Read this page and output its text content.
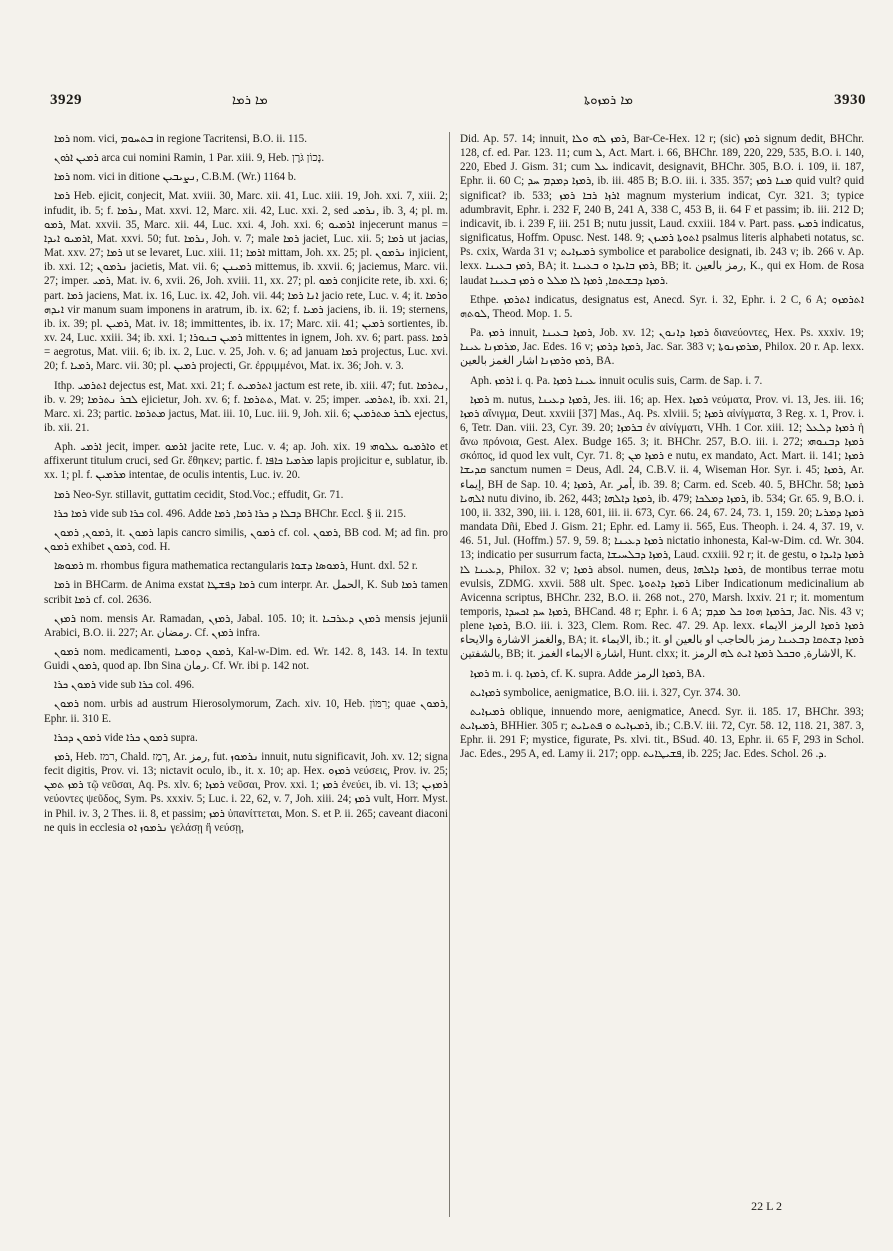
3929	ܡܐ ܪܡܐ	ܡܐ ܪܡܙܘܬܐ	3930

ܪܡܐ nom. vici, ܒܬܚܘܡ in regione Tacritensi, B.O. ii. 115.

ܪܡܝܢ ܐܪܘܢ arca cui nomini Ramin, 1 Par. xiii. 9, Heb. נָכוֹן גֹּרֶן.

ܪܡܐ nom. vici in ditione ܢܨܝܒܝܢ, C.B.M. (Wr.) 1164 b.

ܪܡܐ Heb. ejicit, conjecit, Mat. xviii. 30, Marc. xii. 41, Luc. xiii. 19, Joh. xxi. 7, xiii. 2; infudit, ib. 5; f. ܢܪܡܐ, Mat. xxvi. 12, Marc. xii. 42, Luc. xxi. 2, sed ܢܪܡܝ, ib. 3, 4; pl. m. ܪܡܘ, Mat. xxvii. 35, Marc. xii. 44, Luc. xxi. 4, Joh. xxi. 6; ܐܪܡܝܘ injecerunt manus = ܐܪܡܝܘ ܐܝܕܐ, Mat. xxvi. 50; fut. ܢܪܡܐ, Joh. v. 7; male ܪܡܐ jaciet, Luc. xii. 5; ܪܡܐ ut jacias, Mat. xxv. 27; ܪܡܐ ut se levaret, Luc. xiii. 11; ܐܪܡܐ mittam, Joh. xx. 25; pl. ܢܪܡܘܢ injicient, ib. xxi. 12; ܢܪܡܘܢ jacietis, Mat. vii. 6; ܪܡܝܢܢ mittemus, ib. xxvii. 6; jaciemus, Marc. vii. 27; imper. ܪܡܝ, Mat. iv. 6, xvii. 26, Joh. xviii. 11, xx. 27; pl. ܪܡܘ conjicite rete, ib. xxi. 6; part. ܪܡܐ jaciens, Mat. ix. 16, Luc. ix. 42, Joh. vii. 44; ܐܢܐ ܪܡܐ jacio rete, Luc. v. 4; it. ܘܪܡܐ ܐܝܕܗ vir manum suam imponens in aratrum, ib. ix. 62; f. ܪܡܝܐ jaciens, ib. ii. 19; sternens, ib. ix. 39; pl. ܪܡܝܢ, Mat. iv. 18; immittentes, ib. ix. 17; Marc. xii. 41; ܪܡܝܢ sortientes, ib. xv. 24, Luc. xxiii. 34; ib. xxi. 1; ܪܡܝܢ ܒܢܘܪܐ mittentes in ignem, Joh. xv. 6; part. pass. ܪܡܐ = aegrotus, Mat. viii. 6; ib. ix. 2, Luc. v. 25, Joh. v. 6; ad januam ܪܡܐ projectus, Luc. xvi. 20; f. ܪܡܝܐ, Marc. vii. 30; pl. ܪܡܝܢ projecti, Gr. ἐρριμμένοι, Mat. ix. 36; Joh. v. 3.

Ithp. ܐܬܪܡܝ dejectus est, Mat. xxi. 21; f. ܐܬܪܡܝܬ jactum est rete, ib. xiii. 47; fut. ܢܬܪܡܐ, ib. v. 29; ܠܒܪ ܢܬܪܡܐ ejicietur, Joh. xv. 6; f. ܬܬܪܡܐ, Mat. v. 25; imper. ܐܬܪܡܝ, ib. xxi. 21, Marc. xi. 23; partic. ܡܬܪܡܐ jactus, Mat. iii. 10, Luc. iii. 9, Joh. xii. 6; ܠܒܪ ܡܬܪܡܝܢ ejectus, ib. xii. 21.

Aph. ܐܪܡܝ jecit, imper. ܐܪܡܘ jacite rete, Luc. v. 4; ap. Joh. xix. 19 ܘܐܪܡܝܘ ܥܠܘܗܝ et affixerunt titulum cruci, sed Gr. ἔθηκεν; partic. f. ܡܪܡܝܐ ܟܐܦܐ lapis projicitur e, sublatur, ib. xx. 1; pl. f. ܡܪܡܝܢ intentae, de oculis intentis, Luc. iv. 20.

ܪܡܐ Neo-Syr. stillavit, guttatim cecidit, Stod.Voc.; effudit, Gr. 71.

ܪܡܐ ܟܪܐ vide sub ܟܪܐ col. 496. Adde ܕܒܠܐ ܕ ܟܪܐ ܪܡܐ, ܪܡܐ BHChr. Eccl. § ii. 215.

ܪܡܘܢ, ܪܡܘܢ, it. ܪܡܘܢ lapis cancro similis, ܪܡܘܢ cf. col. ܪܡܘܢ, BB cod. M; ad fin. pro ܪܡܘܢ exhibet ܪܡܘܢ, cod. H.

ܪܡܘܣܐ m. rhombus figura mathematica rectangularis ܪܡܘܣܐ ܕܫܘܐ, Hunt. dxl. 52 r.

ܪܡܐ in BHCarm. de Anima exstat ܪܡܐ ܕܦܫܛܐ cum interpr. Ar. الحمل, K. Sub ܪܡܐ tamen scribit ܪܡܐ cf. col. 2636.

ܪܡܙܢ nom. mensis Ar. Ramadan, ܪܡܙܢ, Jabal. 105. 10; it. ܪܡܙܢ ܕܥܪܒܝܐ mensis jejunii Arabici, B.O. ii. 227; Ar. رمضان. Cf. ܪܡܙܢ infra.

ܪܡܘܢ nom. medicamenti, ܪܡܘܢ ܕܘܡܝܐ, Kal-w-Dim. ed. Wr. 142. 8, 143. 14. In textu Guidi ܪܡܘܢ, quod ap. Ibn Sina رمان. Cf. Wr. ibi p. 142 not.

ܪܡܘܢ ܟܪܐ vide sub ܟܪܐ col. 496.

ܪܡܘܢ nom. urbis ad austrum Hierosolymorum, Zach. xiv. 10, Heb. רִמּוֹן; quae ܪܡܘܢ, Ephr. ii. 310 E.

ܪܡܘܢ ܕܟܪܐ vide ܪܡܘܢ ܟܪܐ supra.

ܪܡܙ, Heb. רמז, Chald. רְמַז, Ar. رمز, fut. ܢܪܡܘܙ innuit, nutu significavit, Joh. xv. 12; signa fecit digitis, Prov. vi. 13; nictavit oculo, ib., it. x. 10; ap. Hex. ܪܡܙܘ νεύσεις, Prov. iv. 25; ܪܡܙ ܬܡܢ τῷ νεῦσαι, Aq. Ps. xlv. 6; ܪܡܙܐ νεῦσαι, Prov. xxi. 1; ܪܡܙ ἐνεύει, ib. vi. 13; ܪܡܙܝܢ νεύοντες ψεῦδος, Sym. Ps. xxxiv. 5; Luc. i. 22, 62, v. 7, Joh. xiii. 24; ܪܡܙ vult, Horr. Myst. in Phil. iv. 3, 2 Thes. ii. 8, et passim; ܪܡܙ ὑπανίττεται, Mon. S. et P. ii. 265; caveant diaconi ne quis in ecclesia ܢܪܡܘܙ ܐܘ γελάσῃ ἢ νεύσῃ,

Did. Ap. 57. 14; innuit, ܪܡܙ ܠܗ ܘܠܐ, Bar-Ce-Hex. 12 r; (sic) ܪܡܙ signum dedit, BHChr. 128, cf. ed. Par. 123. 11; cum ܠ, Act. Mart. i. 66, BHChr. 189, 220, 229, 535, B.O. i. 140, 220, Ebed J. Gism. 31; cum ܥܠ indicavit, designavit, BHChr. 305, B.O. i. 109, ii. 187, Ephr. ii. 60 C; ܪܡܙܐ ܕܡܕܡ ܚܕ, ib. iii. 485 B; B.O. iii. i. 335. 357; ܡܢܐ ܪܡܙ quid vult? quid significat? ib. 533; ܐܪܙܐ ܪܒܐ ܪܡܙ magnum mysterium indicat, Cyr. 321. 3; typice adumbravit, Ephr. i. 232 F, 240 B, 241 A, 338 C, 453 B, ii. 64 F et passim; ib. iii. 212 D; indicavit, ib. i. 239 F, iii. 251 B; nutu jussit, Laud. cxxiii. 184 v. Part. pass. ܪܡܝܙ indicatus, significatus, Hoffm. Opusc. Nest. 148. 9; ܐܬܘܬܐ ܪܡܝܙܢ psalmus literis alphabeti notatus, sc. Ps. cxix, Warda 31 v; ܪܡܝܙܐܝܬ symbolice et parabolice designati, ib. 243 v; ib. 266 v. Ap. lexx. ܪܡܙ ܒܥܝܢܐ, BA; it. ܪܡܙ ܒܐܝܕܐ ܘ ܒܥܝܢܐ, BB; it. رمز بالعين, K., qui ex Hom. de Rosa laudat ܪܡܙܐ ܕܒܫܬܩܐ, ܪܡܙܐ ܠܐ ܡܠܠ ܘ ܪܡܙ ܒܥܝܢܐ.

Ethpe. ܐܬܪܡܙ indicatus, designatus est, Anecd. Syr. i. 32, Ephr. i. 2 C, 6 A; ܐܬܪܡܙܘ ܠܘܬܗ, Theod. Mop. 1. 5.

Pa. ܪܡܙ innuit, ܪܡܙܐ ܒܥܝܢܐ, Job. xv. 12; ܪܡܙܐ ܕܐܢܘܢ διανεύοντες, Hex. Ps. xxxiv. 19; ܡܪܡܙܢܐ ܥܝܢܐ, Jac. Edes. 16 v; ܪܡܙܐ ܕܪܡܙ, Jac. Sar. 383 v; ܡܪܡܙܢܘܬܐ, Philox. 20 r. Ap. lexx. ܪܡܙ ܘܪܡܙܢܐ اشار الغمز بالعين, BA.

Aph. ܐܪܡܙ i. q. Pa. ܥܝܢܐ ܪܡܙܐ innuit oculis suis, Carm. de Sap. i. 7.

ܪܡܙܐ m. nutus, ܪܡܙܐ ܕܥܝܢܐ, Jes. iii. 16; ap. Hex. ܪܡܙܐ νεύματα, Prov. vi. 13, Jes. iii. 16; ܪܡܙܐ αἴνιγμα, Deut. xxviii [37] Mas., Aq. Ps. xlviii. 5; ܪܡܙܐ αἰνίγματα, 3 Reg. x. 1, Prov. i. 6, Tetr. Dan. viii. 23, Cyr. 39. 20; ܒܪܡܙܐ ἐν αἰνίγματι, VHh. 1 Cor. xiii. 12; ܪܡܙܐ ܕܠܥܠ ἡ ἄνω πρόνοια, Gest. Alex. Budge 165. 3; it. BHChr. 257, B.O. iii. i. 272; ܪܡܙܐ ܕܒܢܘܗܝ σκόπος, id quod lex vult, Cyr. 71. 8; ܪܡܙܐ ܡܢ e nutu, ex mandato, Act. Mart. ii. 141; ܪܡܙܐ ܩܕܝܫܐ sanctum numen = Deus, Adl. 24, C.B.V. ii. 4, Wiseman Hor. Syr. i. 45; ܪܡܙܐ, Ar. إيماء, BH de Sap. 10. 4; ܪܡܙܐ, Ar. أمر, ib. 39. 8; Carm. ed. Sceb. 40. 5, BHChr. 58; ܪܡܙܐ ܐܠܗܝܐ nutu divino, ib. 262, 443; ܪܡܙܐ ܕܐܠܗܐ, ib. 479; ܪܡܙܐ ܕܡܠܟܐ, ib. 534; Gr. 65. 9, B.O. i. 100, ii. 332, 390, iii. i. 128, 601, iii. ii. 673, Cyr. 66. 24, 67. 24, 73. 1, 159. 20; ܪܡܙܐ ܕܡܪܝܐ mandata Dñi, Ebed J. Gism. 21; Ephr. ed. Lamy ii. 565, Eus. Theoph. i. 24. 4, 37. 19, v. 46. 51, Jul. (Hoffm.) 57. 9, 59. 8; ܪܡܙܐ ܕܥܝܢܐ nictatio inhonesta, Kal-w-Dim. cd. Wr. 304. 13; indicatio per susurrum facta, ܪܡܙܐ ܕܒܠܚܝܫܐ, Laud. cxxiii. 92 r; it. de gestu, ܪܡܙܐ ܕܐܝܕܐ ܘ ܕܥܝܢܐ ܠܐ, Philox. 32 v; ܪܡܙܐ absol. numen, deus, ܪܡܙܐ ܕܐܠܗܐ, de montibus terrae motu evulsis, ZDMG. xxvii. 588 ult. Spec. ܪܡܙܐ ܕܐܬܘܬܐ Liber Indicationum medicinalium ab Avicenna scriptus, BHChr. 232, B.O. ii. 268 not., 270, Marsh. lxxiv. 21 r; it. momentum temporis, ܪܡܙܐ ܚܕ ܐܟܚܕܐ, BHCand. 48 r; Ephr. i. 6 A; ܒܪܡܙܐ ܗܘܐ ܟܠ ܡܕܡ, Jac. Nis. 43 v; plene ܪܡܙܐ, B.O. iii. i. 323, Clem. Rom. Rec. 47. 29. Ap. lexx. ܪܡܙܐ ܪܡܙܐ الرمز الايماء والغمز الاشارة والايحاء, BA; it. الايماء, ib.; it. ܪܡܙܐ ܕܫܬܩܐ ܕܒܥܝܢܐ رمز بالحاجب او بالعين او بالشفتين, BB; it. اشارة الايماء الغمز, Hunt. clxx; it. الاشارة, ܘܒܟܠ ܪܡܙܐ ܐܝܬ ܠܗ الرمز, K.

ܪܡܙܐ m. i. q. ܪܡܙܐ, cf. K. supra. Adde ܪܡܙܐ الرمز, BA.

ܪܡܙܐܝܬ symbolice, aenigmatice, B.O. iii. i. 327, Cyr. 374. 30.

ܪܡܝܙܐܝܬ oblique, innuendo more, aenigmatice, Anecd. Syr. ii. 185. 17, BHChr. 393; ܪܡܝܙܐܝܬ, BHHier. 305 r; ܪܡܝܙܐܝܬ ܘ ܦܬܝܐܝܬ, ib.; C.B.V. iii. 72, Cyr. 58. 12, 118. 21, 387. 3, Ephr. ii. 291 F; mystice, figurate, Ps. xlvi. tit., BSud. 40. 13, Ephr. ii. 65 F, 293 in Schol. Jac. Edes., 295 A, ed. Lamy ii. 217; opp. ܦܫܝܛܐܝܬ, ib. 225; Jac. Edes. Schol. ܕ. 26.

22 L 2
